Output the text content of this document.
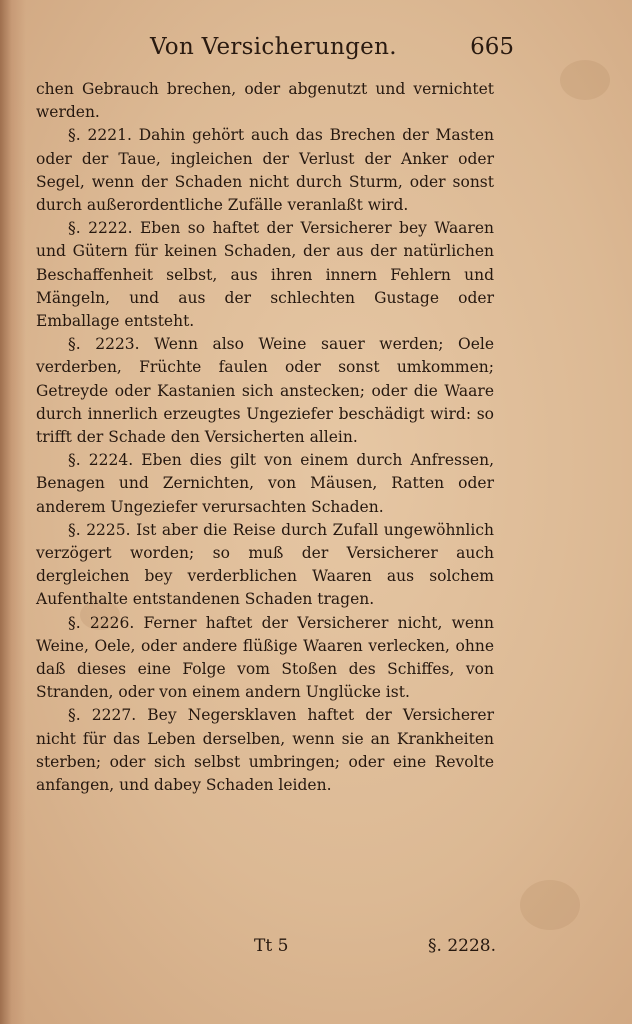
Von Versicherungen.	665

chen Gebrauch brechen, oder abgenutzt und vernichtet werden.

§. 2221. Dahin gehört auch das Brechen der Masten oder der Taue, ingleichen der Verlust der Anker oder Segel, wenn der Schaden nicht durch Sturm, oder sonst durch außerordentliche Zufälle veranlaßt wird.

§. 2222. Eben so haftet der Versicherer bey Waaren und Gütern für keinen Schaden, der aus der natürlichen Beschaffenheit selbst, aus ihren innern Fehlern und Mängeln, und aus der schlechten Gustage oder Emballage entsteht.

§. 2223. Wenn also Weine sauer werden; Oele verderben, Früchte faulen oder sonst umkommen; Getreyde oder Kastanien sich anstecken; oder die Waare durch innerlich erzeugtes Ungeziefer beschädigt wird: so trifft der Schade den Versicherten allein.

§. 2224. Eben dies gilt von einem durch Anfressen, Benagen und Zernichten, von Mäusen, Ratten oder anderem Ungeziefer verursachten Schaden.

§. 2225. Ist aber die Reise durch Zufall ungewöhnlich verzögert worden; so muß der Versicherer auch dergleichen bey verderblichen Waaren aus solchem Aufenthalte entstandenen Schaden tragen.

§. 2226. Ferner haftet der Versicherer nicht, wenn Weine, Oele, oder andere flüßige Waaren verlecken, ohne daß dieses eine Folge vom Stoßen des Schiffes, von Stranden, oder von einem andern Unglücke ist.

§. 2227. Bey Negersklaven haftet der Versicherer nicht für das Leben derselben, wenn sie an Krankheiten sterben; oder sich selbst umbringen; oder eine Revolte anfangen, und dabey Schaden leiden.

Tt 5	§. 2228.
